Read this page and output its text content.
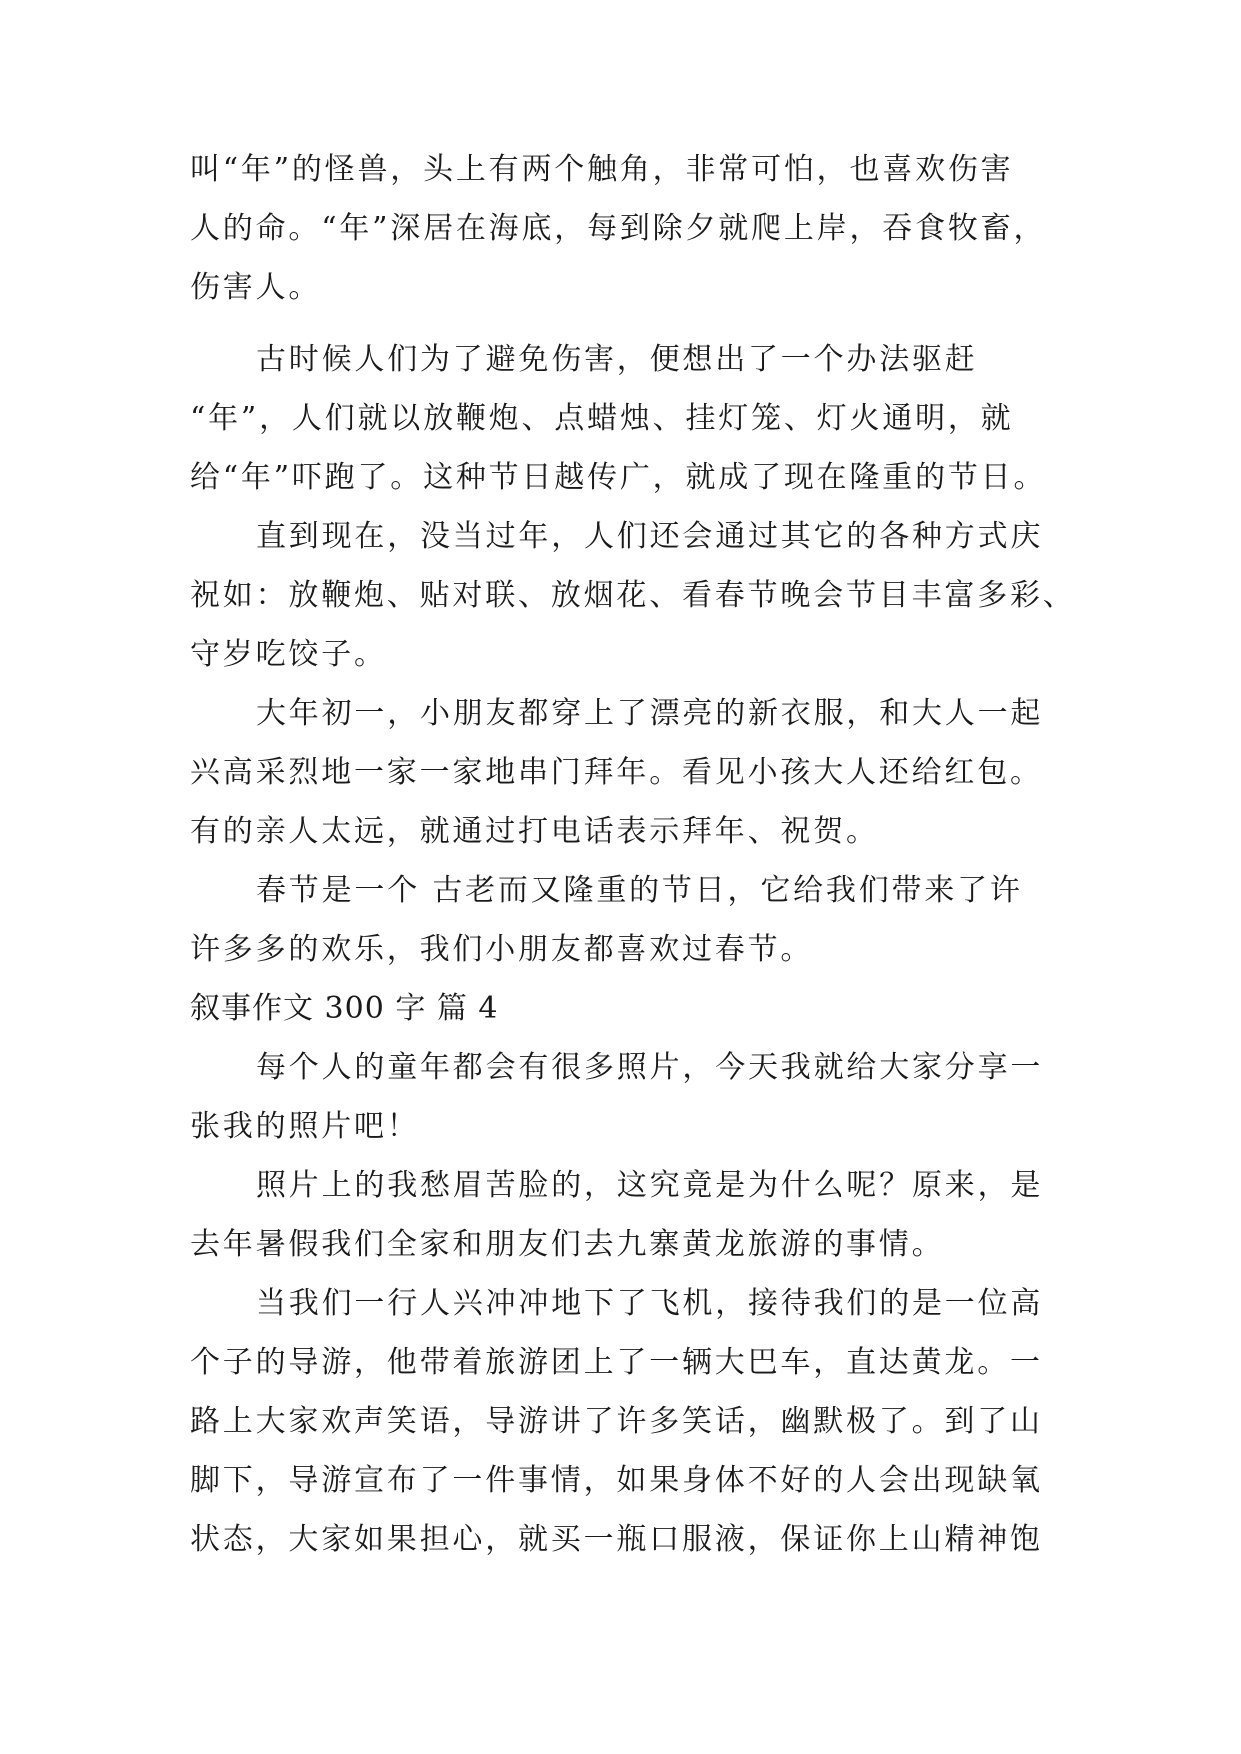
叫“年”的怪兽，头上有两个触角，非常可怕，也喜欢伤害
人的命。“年”深居在海底，每到除夕就爬上岸，吞食牧畜，
伤害人。
古时候人们为了避免伤害，便想出了一个办法驱赶
“年”，人们就以放鞭炮、点蜡烛、挂灯笼、灯火通明，就
给“年”吓跑了。这种节日越传广，就成了现在隆重的节日。
直到现在，没当过年，人们还会通过其它的各种方式庆
祝如：放鞭炮、贴对联、放烟花、看春节晚会节目丰富多彩、
守岁吃饺子。
大年初一，小朋友都穿上了漂亮的新衣服，和大人一起
兴高采烈地一家一家地串门拜年。看见小孩大人还给红包。
有的亲人太远，就通过打电话表示拜年、祝贺。
春节是一个 古老而又隆重的节日，它给我们带来了许
许多多的欢乐，我们小朋友都喜欢过春节。
叙事作文 300 字 篇 4
每个人的童年都会有很多照片，今天我就给大家分享一
张我的照片吧！
照片上的我愁眉苦脸的，这究竟是为什么呢？原来，是
去年暑假我们全家和朋友们去九寨黄龙旅游的事情。
当我们一行人兴冲冲地下了飞机，接待我们的是一位高
个子的导游，他带着旅游团上了一辆大巴车，直达黄龙。一
路上大家欢声笑语，导游讲了许多笑话，幽默极了。到了山
脚下，导游宣布了一件事情，如果身体不好的人会出现缺氧
状态，大家如果担心，就买一瓶口服液，保证你上山精神饱
